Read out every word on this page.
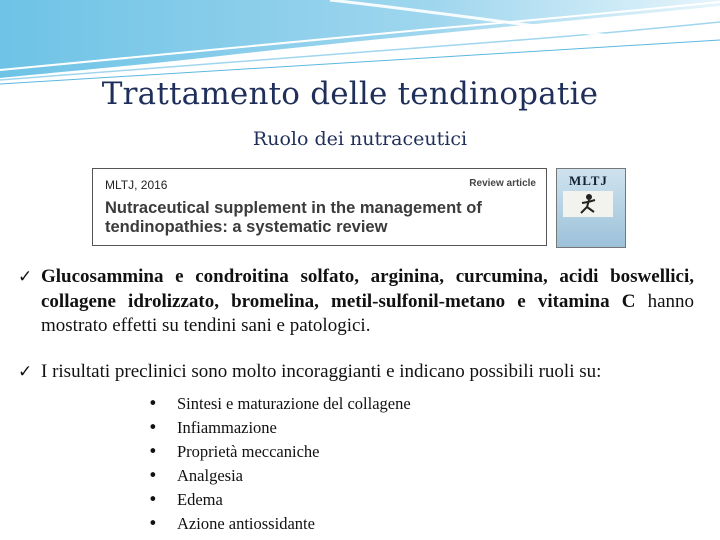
Trattamento delle tendinopatie
Ruolo dei nutraceutici
MLTJ, 2016	Review article
Nutraceutical supplement in the management of tendinopathies: a systematic review
MLTJ
✓ Glucosammina e condroitina solfato, arginina, curcumina, acidi boswellici, collagene idrolizzato, bromelina, metil-sulfonil-metano e vitamina C hanno mostrato effetti su tendini sani e patologici.
✓ I risultati preclinici sono molto incoraggianti e indicano possibili ruoli su:
• Sintesi e maturazione del collagene
• Infiammazione
• Proprietà meccaniche
• Analgesia
• Edema
• Azione antiossidante
